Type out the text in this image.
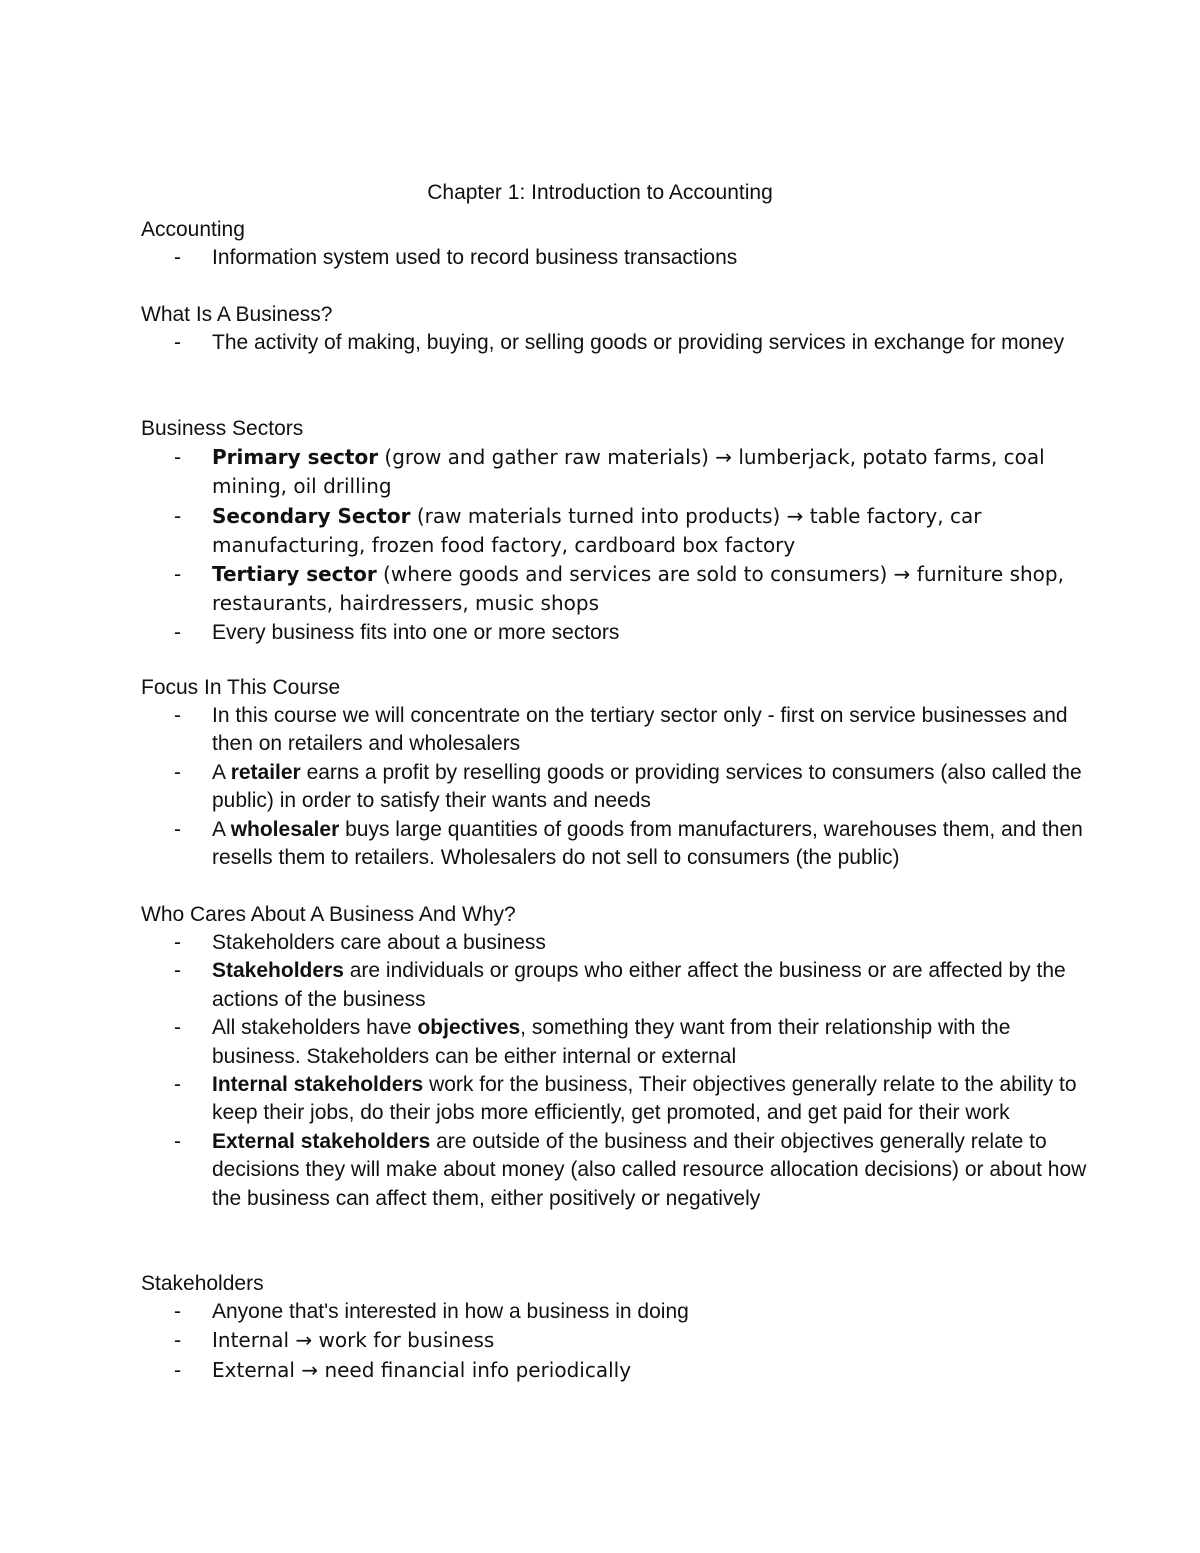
Chapter 1: Introduction to Accounting
Accounting
- Information system used to record business transactions
What Is A Business?
- The activity of making, buying, or selling goods or providing services in exchange for money
Business Sectors
- Primary sector (grow and gather raw materials) → lumberjack, potato farms, coal mining, oil drilling
- Secondary Sector (raw materials turned into products) → table factory, car manufacturing, frozen food factory, cardboard box factory
- Tertiary sector (where goods and services are sold to consumers) → furniture shop, restaurants, hairdressers, music shops
- Every business fits into one or more sectors
Focus In This Course
- In this course we will concentrate on the tertiary sector only - first on service businesses and then on retailers and wholesalers
- A retailer earns a profit by reselling goods or providing services to consumers (also called the public) in order to satisfy their wants and needs
- A wholesaler buys large quantities of goods from manufacturers, warehouses them, and then resells them to retailers. Wholesalers do not sell to consumers (the public)
Who Cares About A Business And Why?
- Stakeholders care about a business
- Stakeholders are individuals or groups who either affect the business or are affected by the actions of the business
- All stakeholders have objectives, something they want from their relationship with the business. Stakeholders can be either internal or external
- Internal stakeholders work for the business, Their objectives generally relate to the ability to keep their jobs, do their jobs more efficiently, get promoted, and get paid for their work
- External stakeholders are outside of the business and their objectives generally relate to decisions they will make about money (also called resource allocation decisions) or about how the business can affect them, either positively or negatively
Stakeholders
- Anyone that's interested in how a business in doing
- Internal → work for business
- External → need financial info periodically
